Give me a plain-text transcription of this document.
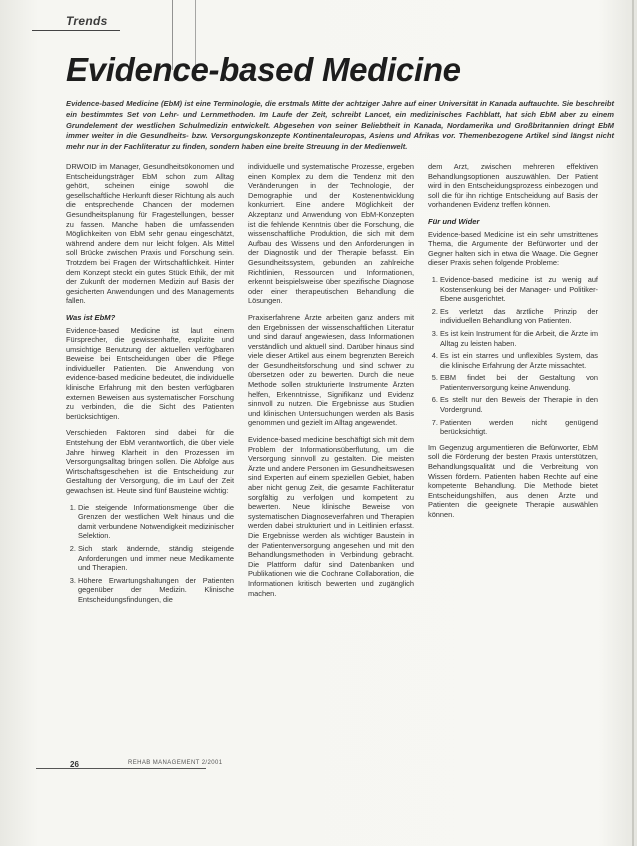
Trends
Evidence-based Medicine

Evidence-based Medicine (EbM) ist eine Terminologie, die erstmals Mitte der achtziger Jahre auf einer Universität in Kanada auftauchte. Sie beschreibt ein bestimmtes Set von Lehr- und Lernmethoden. Im Laufe der Zeit, schreibt Lancet, ein medizinisches Fachblatt, hat sich EbM aber zu einem Grundelement der westlichen Schulmedizin entwickelt. Abgesehen von seiner Beliebtheit in Kanada, Nordamerika und Großbritannien dringt EbM immer weiter in die Gesundheits- bzw. Versorgungskonzepte Kontinentaleuropas, Asiens und Afrikas vor. Themenbezogene Artikel sind längst nicht mehr nur in der Fachliteratur zu finden, sondern haben eine breite Streuung in der Medienwelt.

DRWOID im Manager, Gesundheitsökonomen und Entscheidungsträger EbM schon zum Alltag gehört, scheinen einige sowohl die gesellschaftliche Herkunft dieser Richtung als auch die entsprechende Chancen der modernen Gesundheitsplanung für Fragestellungen, besser zu fassen. Manche haben die umfassenden Möglichkeiten von EbM sehr genau eingeschätzt, während andere dem nur leicht folgen. Als Mittel soll Brücke zwischen Praxis und Forschung sein. Trotzdem bei Fragen der Wirtschaftlichkeit. Hinter dem Konzept steckt ein gutes Stück Ethik, der mit der Zukunft der modernen Medizin auf Basis der gesicherten Anwendungen und des Managements fallen.

Was ist EbM?

Evidence-based Medicine ist laut einem Fürsprecher, die gewissenhafte, explizite und umsichtige Benutzung der aktuellen verfügbaren Beweise bei Entscheidungen über die Pflege individueller Patienten. Die Anwendung von evidence-based medicine bedeutet, die individuelle klinische Erfahrung mit den besten verfügbaren externen Beweisen aus systematischer Forschung zu verbinden, die die Sicht des Patienten berücksichtigen.

Verschieden Faktoren sind dabei für die Entstehung der EbM verantwortlich, die über viele Jahre hinweg Klarheit in den Prozessen im Versorgungsalltag bringen sollen. Die Abfolge aus Wirtschaftsgeschehen ist die Entscheidung zur Gestaltung der Versorgung, die im Lauf der Zeit gewachsen ist. Heute sind fünf Bausteine wichtig:

1. Die steigende Informationsmenge über die Grenzen der westlichen Welt hinaus und die damit verbundene Notwendigkeit medizinischer Selektion.
2. Sich stark ändernde, ständig steigende Anforderungen und immer neue Medikamente und Therapien.
3. Höhere Erwartungshaltungen der Patienten gegenüber der Medizin. Klinische Entscheidungsfindungen, die

individuelle und systematische Prozesse, ergeben einen Komplex zu dem die Tendenz mit den Veränderungen in der Technologie, der Demographie und der Kostenentwicklung konkurriert. Eine andere Möglichkeit der Akzeptanz und Anwendung von EbM-Konzepten ist die fehlende Kenntnis über die Forschung, die wissenschaftliche Produktion, die sich mit dem Aufbau des Wissens und den Anforderungen in der Diagnostik und der Therapie befasst. Ein Gesundheitssystem, gebunden an zahlreiche Richtlinien, Ressourcen und Informationen, erkennt beispielsweise über spezifische Diagnose oder einer therapeutischen Behandlung die Lösungen.

Praxiserfahrene Ärzte arbeiten ganz anders mit den Ergebnissen der wissenschaftlichen Literatur und sind darauf angewiesen, dass Informationen verständlich und aktuell sind. Darüber hinaus sind viele dieser Artikel aus einem begrenzten Bereich der Gesundheitsforschung und sind schwer zu übersetzen oder zu bewerten. Durch die neue Methode sollen strukturierte Instrumente Ärzten helfen, Erkenntnisse, Signifikanz und Evidenz sinnvoll zu nutzen. Die Ergebnisse aus Studien und klinischen Untersuchungen werden als Basis genommen und gezielt im Alltag angewendet.

Evidence-based medicine beschäftigt sich mit dem Problem der Informationsüberflutung, um die Versorgung sinnvoll zu gestalten. Die meisten Ärzte und andere Personen im Gesundheitswesen sind Experten auf einem speziellen Gebiet, haben aber nicht genug Zeit, die gesamte Fachliteratur sorgfältig zu verfolgen und kompetent zu bewerten. Neue klinische Beweise von systematischen Diagnoseverfahren und Therapien werden dabei strukturiert und in Leitlinien erfasst. Die Ergebnisse werden als wichtiger Baustein in der Patientenversorgung angesehen und mit den Behandlungsmethoden in Verbindung gebracht. Die Plattform dafür sind Datenbanken und Publikationen wie die Cochrane Collaboration, die Informationen kritisch bewerten und zugänglich machen.

dem Arzt, zwischen mehreren effektiven Behandlungsoptionen auszuwählen. Der Patient wird in den Entscheidungsprozess einbezogen und soll die für ihn richtige Entscheidung auf Basis der vorhandenen Evidenz treffen können.

Für und Wider

Evidence-based Medicine ist ein sehr umstrittenes Thema, die Argumente der Befürworter und der Gegner halten sich in etwa die Waage. Die Gegner dieser Praxis sehen folgende Probleme:

1. Evidence-based medicine ist zu wenig auf Kostensenkung bei der Manager- und Politiker-Ebene ausgerichtet.
2. Es verletzt das ärztliche Prinzip der individuellen Behandlung von Patienten.
3. Es ist kein Instrument für die Arbeit, die Ärzte im Alltag zu leisten haben.
4. Es ist ein starres und unflexibles System, das die klinische Erfahrung der Ärzte missachtet.
5. EBM findet bei der Gestaltung von Patientenversorgung keine Anwendung.
6. Es stellt nur den Beweis der Therapie in den Vordergrund.
7. Patienten werden nicht genügend berücksichtigt.

Im Gegenzug argumentieren die Befürworter, EbM soll die Förderung der besten Praxis unterstützen, Behandlungsqualität und die Verbreitung von Wissen fördern. Patienten haben Rechte auf eine kompetente Behandlung. Die Methode bietet Entscheidungshilfen, aus denen Ärzte und Patienten die geeignete Therapie auswählen können.

26	REHAB MANAGEMENT 2/2001
